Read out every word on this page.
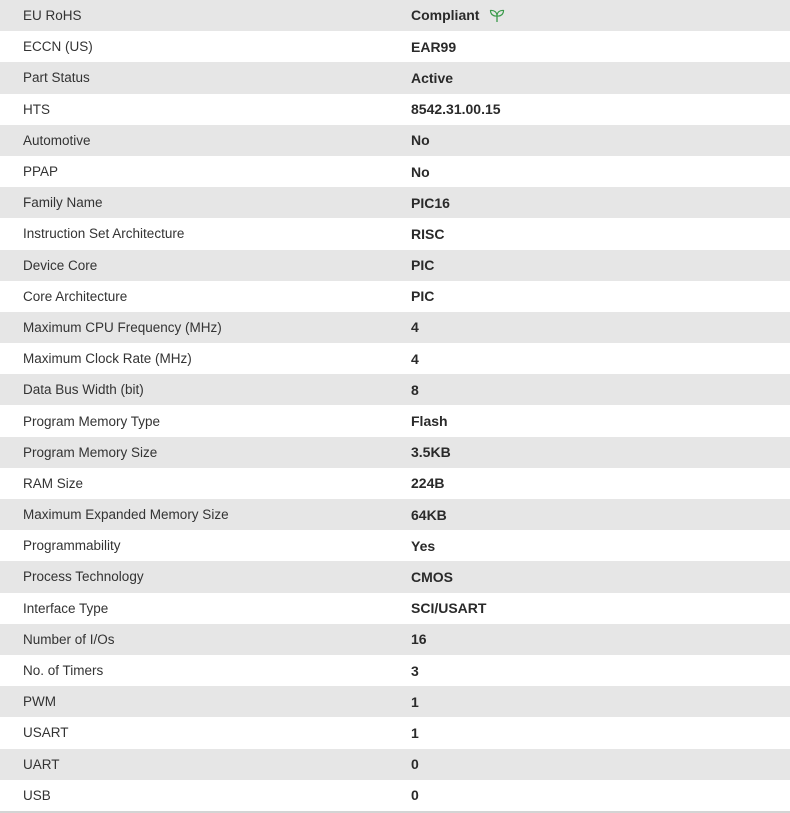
EU RoHS	Compliant
ECCN (US)	EAR99
Part Status	Active
HTS	8542.31.00.15
Automotive	No
PPAP	No
Family Name	PIC16
Instruction Set Architecture	RISC
Device Core	PIC
Core Architecture	PIC
Maximum CPU Frequency (MHz)	4
Maximum Clock Rate (MHz)	4
Data Bus Width (bit)	8
Program Memory Type	Flash
Program Memory Size	3.5KB
RAM Size	224B
Maximum Expanded Memory Size	64KB
Programmability	Yes
Process Technology	CMOS
Interface Type	SCI/USART
Number of I/Os	16
No. of Timers	3
PWM	1
USART	1
UART	0
USB	0
